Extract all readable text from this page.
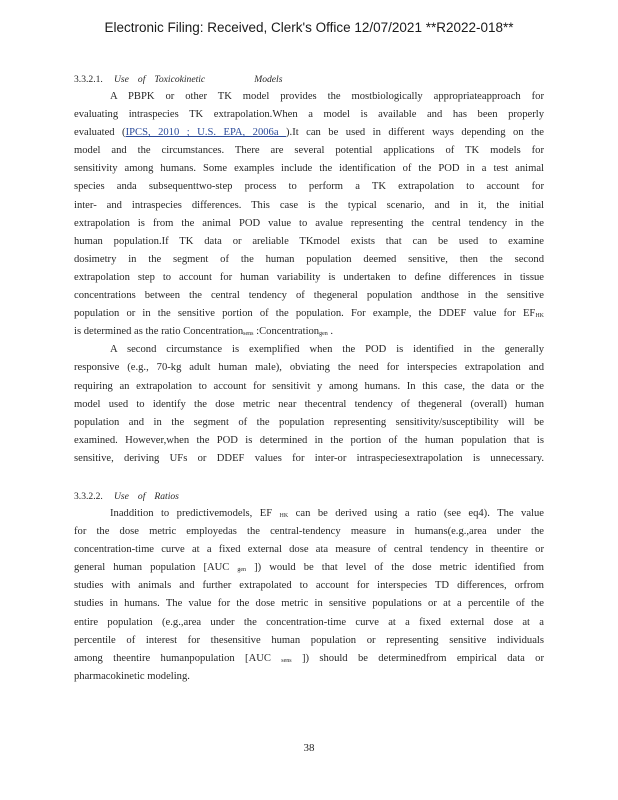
Electronic Filing: Received, Clerk's Office 12/07/2021 **R2022-018**
3.3.2.1. Use of Toxicokinetic	Models
A PBPK or other TK model provides the mostbiologically appropriateapproach for
evaluating intraspecies TK extrapolation.When a model is available and has been properly
evaluated (IPCS, 2010 ; U.S. EPA, 2006a ).It can be used in different ways depending on the
model and the circumstances. There are several potential applications of TK models for
sensitivity among humans. Some examples include the identification of the POD in a test animal
species anda subsequenttwo-step process to perform a TK extrapolation to account for
inter- and intraspecies differences. This case is the typical scenario, and in it, the initial
extrapolation is from the animal POD value to avalue representing the central tendency in the
human population.If TK data or areliable TKmodel exists that can be used to examine
dosimetry in the segment of the human population deemed sensitive, then the second
extrapolation step to account for human variability is undertaken to define differences in tissue
concentrations between the central tendency of thegeneral population andthose in the sensitive
population or in the sensitive portion of the population. For example, the DDEF value for $EF_{HK}$
is determined as the ratio Concentration$_{sens}$ :Concentration$_{gen}$ .
A second circumstance is exemplified when the POD is identified in the generally
responsive (e.g., 70-kg adult human male), obviating the need for interspecies extrapolation and
requiring an extrapolation to account for sensitivit y among humans. In this case, the data or the
model used to identify the dose metric near thecentral tendency of thegeneral (overall) human
population and in the segment of the population representing sensitivity/susceptibility will be
examined. However,when the POD is determined in the portion of the human population that is
sensitive, deriving UFs or DDEF values for inter-or intraspeciesextrapolation is unnecessary.
3.3.2.2. Use of Ratios
Inaddition to predictivemodels, EF $_{HK}$ can be derived using a ratio (see eq4). The value
for the dose metric employedas the central-tendency measure in humans(e.g.,area under the
concentration-time curve at a fixed external dose ata measure of central tendency in theentire or
general human population [AUC $_{gen}$ ]) would be that level of the dose metric identified from
studies with animals and further extrapolated to account for interspecies TD differences, orfrom
studies in humans. The value for the dose metric in sensitive populations or at a percentile of the
entire population (e.g.,area under the concentration-time curve at a fixed external dose at a
percentile of interest for thesensitive human population or representing sensitive individuals
among theentire humanpopulation [AUC $_{sens}$ ]) should be determinedfrom empirical data or
pharmacokinetic modeling.
38
